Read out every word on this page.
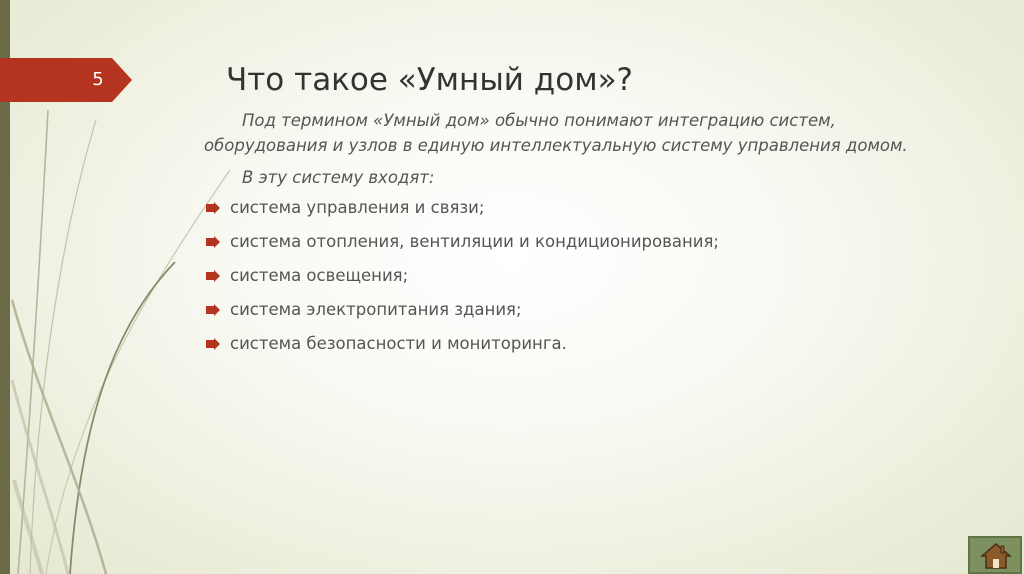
5	Что такое «Умный дом»?

Под термином «Умный дом» обычно понимают интеграцию систем,
оборудования и узлов в единую интеллектуальную систему управления домом.

В эту систему входят:

система управления и связи;
система отопления, вентиляции и кондиционирования;
система освещения;
система электропитания здания;
система безопасности и мониторинга.
